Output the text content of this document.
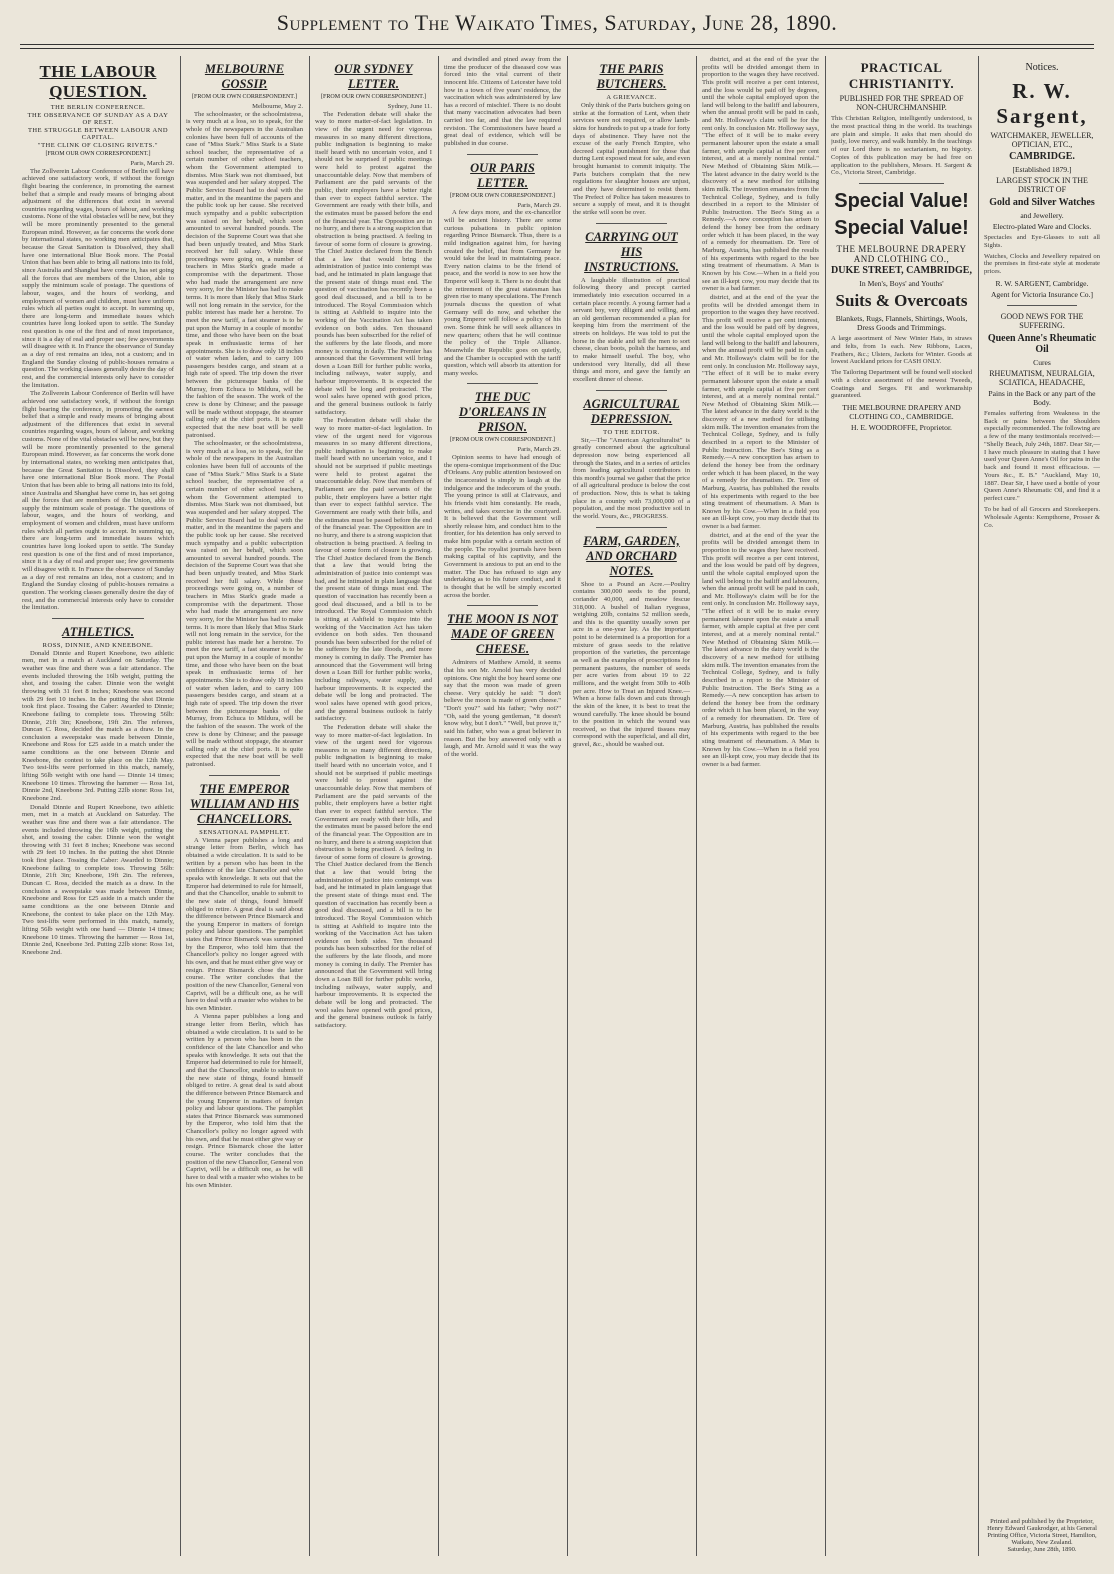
Supplement to The Waikato Times, Saturday, June 28, 1890.
THE LABOUR QUESTION.
THE BERLIN CONFERENCE.
THE OBSERVANCE OF SUNDAY AS A DAY OF REST.
THE STRUGGLE BETWEEN LABOUR AND CAPITAL.
"THE CLINK OF CLOSING RIVETS."
[FROM OUR OWN CORRESPONDENT.]
Paris, March 29.

The Zollverein Labour Conference of Berlin will have achieved one satisfactory work, if without the foreign flight bearing the conference, in promoting the earnest belief that a simple and ready means of bringing about adjustment of the differences that exist in several countries regarding wages, hours of labour, and working customs. None of the vital obstacles will be new, but they will be more prominently presented to the general European mind. However, as far concerns the work done by international states, no working men anticipates that, because the Great Sanitation is Dissolved, they shall have one international Blue Book more. The Postal Union that has been able to bring all nations into its fold, since Australia and Shanghai have come in, has set going all the forces that are members of the Union, able to supply the minimum scale of postage. The questions of labour, wages, and the hours of working, and employment of women and children, must have uniform rules which all parties ought to accept. In summing up, there are long-term and immediate issues which countries have long looked upon to settle. The Sunday rest question is one of the first and of most importance, since it is a day of real and proper use; few governments will disagree with it. In France the observance of Sunday as a day of rest remains an idea, not a custom; and in England the Sunday closing of public-houses remains a question. The working classes generally desire the day of rest, and the commercial interests only have to consider the limitation.

The Zollverein Labour Conference of Berlin will have achieved one satisfactory work, if without the foreign flight bearing the conference, in promoting the earnest belief that a simple and ready means of bringing about adjustment of the differences that exist in several countries regarding wages, hours of labour, and working customs. None of the vital obstacles will be new, but they will be more prominently presented to the general European mind. However, as far concerns the work done by international states, no working men anticipates that, because the Great Sanitation is Dissolved, they shall have one international Blue Book more. The Postal Union that has been able to bring all nations into its fold, since Australia and Shanghai have come in, has set going all the forces that are members of the Union, able to supply the minimum scale of postage. The questions of labour, wages, and the hours of working, and employment of women and children, must have uniform rules which all parties ought to accept. In summing up, there are long-term and immediate issues which countries have long looked upon to settle. The Sunday rest question is one of the first and of most importance, since it is a day of real and proper use; few governments will disagree with it. In France the observance of Sunday as a day of rest remains an idea, not a custom; and in England the Sunday closing of public-houses remains a question. The working classes generally desire the day of rest, and the commercial interests only have to consider the limitation.

ATHLETICS.
ROSS, DINNIE, AND KNEEBONE.

Donald Dinnie and Rupert Kneebone, two athletic men, met in a match at Auckland on Saturday. The weather was fine and there was a fair attendance. The events included throwing the 16lb weight, putting the shot, and tossing the caber. Dinnie won the weight throwing with 31 feet 8 inches; Kneebone was second with 29 feet 10 inches. In the putting the shot Dinnie took first place. Tossing the Caber: Awarded to Dinnie; Kneebone failing to complete toss. Throwing 56lb: Dinnie, 21ft 3in; Kneebone, 19ft 2in. The referees, Duncan C. Ross, decided the match as a draw. In the conclusion a sweepstake was made between Dinnie, Kneebone and Ross for £25 aside in a match under the same conditions as the one between Dinnie and Kneebone, the contest to take place on the 12th May. Two test-lifts were performed in this match, namely, lifting 56lb weight with one hand — Dinnie 14 times; Kneebone 10 times. Throwing the hammer — Ross 1st, Dinnie 2nd, Kneebone 3rd. Putting 22lb stone: Ross 1st, Kneebone 2nd.

Donald Dinnie and Rupert Kneebone, two athletic men, met in a match at Auckland on Saturday. The weather was fine and there was a fair attendance. The events included throwing the 16lb weight, putting the shot, and tossing the caber. Dinnie won the weight throwing with 31 feet 8 inches; Kneebone was second with 29 feet 10 inches. In the putting the shot Dinnie took first place. Tossing the Caber: Awarded to Dinnie; Kneebone failing to complete toss. Throwing 56lb: Dinnie, 21ft 3in; Kneebone, 19ft 2in. The referees, Duncan C. Ross, decided the match as a draw. In the conclusion a sweepstake was made between Dinnie, Kneebone and Ross for £25 aside in a match under the same conditions as the one between Dinnie and Kneebone, the contest to take place on the 12th May. Two test-lifts were performed in this match, namely, lifting 56lb weight with one hand — Dinnie 14 times; Kneebone 10 times. Throwing the hammer — Ross 1st, Dinnie 2nd, Kneebone 3rd. Putting 22lb stone: Ross 1st, Kneebone 2nd.

MELBOURNE GOSSIP.
[FROM OUR OWN CORRESPONDENT.]
Melbourne, May 2.

The schoolmaster, or the schoolmistress, is very much at a loss, so to speak, for the whole of the newspapers in the Australian colonies have been full of accounts of the case of "Miss Stark." Miss Stark is a State school teacher, the representative of a certain number of other school teachers, whom the Government attempted to dismiss. Miss Stark was not dismissed, but was suspended and her salary stopped. The Public Service Board had to deal with the matter, and in the meantime the papers and the public took up her cause. She received much sympathy and a public subscription was raised on her behalf, which soon amounted to several hundred pounds. The decision of the Supreme Court was that she had been unjustly treated, and Miss Stark received her full salary. While these proceedings were going on, a number of teachers in Miss Stark's grade made a compromise with the department. Those who had made the arrangement are now very sorry, for the Minister has had to make terms. It is more than likely that Miss Stark will not long remain in the service, for the public interest has made her a heroine. To meet the new tariff, a fast steamer is to be put upon the Murray in a couple of months' time, and those who have been on the boat speak in enthusiastic terms of her appointments. She is to draw only 18 inches of water when laden, and to carry 100 passengers besides cargo, and steam at a high rate of speed. The trip down the river between the picturesque banks of the Murray, from Echuca to Mildura, will be the fashion of the season. The work of the crew is done by Chinese; and the passage will be made without stoppage, the steamer calling only at the chief ports. It is quite expected that the new boat will be well patronised.

The schoolmaster, or the schoolmistress, is very much at a loss, so to speak, for the whole of the newspapers in the Australian colonies have been full of accounts of the case of "Miss Stark." Miss Stark is a State school teacher, the representative of a certain number of other school teachers, whom the Government attempted to dismiss. Miss Stark was not dismissed, but was suspended and her salary stopped. The Public Service Board had to deal with the matter, and in the meantime the papers and the public took up her cause. She received much sympathy and a public subscription was raised on her behalf, which soon amounted to several hundred pounds. The decision of the Supreme Court was that she had been unjustly treated, and Miss Stark received her full salary. While these proceedings were going on, a number of teachers in Miss Stark's grade made a compromise with the department. Those who had made the arrangement are now very sorry, for the Minister has had to make terms. It is more than likely that Miss Stark will not long remain in the service, for the public interest has made her a heroine. To meet the new tariff, a fast steamer is to be put upon the Murray in a couple of months' time, and those who have been on the boat speak in enthusiastic terms of her appointments. She is to draw only 18 inches of water when laden, and to carry 100 passengers besides cargo, and steam at a high rate of speed. The trip down the river between the picturesque banks of the Murray, from Echuca to Mildura, will be the fashion of the season. The work of the crew is done by Chinese; and the passage will be made without stoppage, the steamer calling only at the chief ports. It is quite expected that the new boat will be well patronised.

THE EMPEROR WILLIAM AND HIS CHANCELLORS.
SENSATIONAL PAMPHLET.

A Vienna paper publishes a long and strange letter from Berlin, which has obtained a wide circulation. It is said to be written by a person who has been in the confidence of the late Chancellor and who speaks with knowledge. It sets out that the Emperor had determined to rule for himself, and that the Chancellor, unable to submit to the new state of things, found himself obliged to retire. A great deal is said about the difference between Prince Bismarck and the young Emperor in matters of foreign policy and labour questions. The pamphlet states that Prince Bismarck was summoned by the Emperor, who told him that the Chancellor's policy no longer agreed with his own, and that he must either give way or resign. Prince Bismarck chose the latter course. The writer concludes that the position of the new Chancellor, General von Caprivi, will be a difficult one, as he will have to deal with a master who wishes to be his own Minister.

A Vienna paper publishes a long and strange letter from Berlin, which has obtained a wide circulation. It is said to be written by a person who has been in the confidence of the late Chancellor and who speaks with knowledge. It sets out that the Emperor had determined to rule for himself, and that the Chancellor, unable to submit to the new state of things, found himself obliged to retire. A great deal is said about the difference between Prince Bismarck and the young Emperor in matters of foreign policy and labour questions. The pamphlet states that Prince Bismarck was summoned by the Emperor, who told him that the Chancellor's policy no longer agreed with his own, and that he must either give way or resign. Prince Bismarck chose the latter course. The writer concludes that the position of the new Chancellor, General von Caprivi, will be a difficult one, as he will have to deal with a master who wishes to be his own Minister.

OUR SYDNEY LETTER.
[FROM OUR OWN CORRESPONDENT.]
Sydney, June 11.

The Federation debate will shake the way to more matter-of-fact legislation. In view of the urgent need for vigorous measures in so many different directions, public indignation is beginning to make itself heard with no uncertain voice, and I should not be surprised if public meetings were held to protest against the unaccountable delay. Now that members of Parliament are the paid servants of the public, their employers have a better right than ever to expect faithful service. The Government are ready with their bills, and the estimates must be passed before the end of the financial year. The Opposition are in no hurry, and there is a strong suspicion that obstruction is being practised. A feeling in favour of some form of closure is growing. The Chief Justice declared from the Bench that a law that would bring the administration of justice into contempt was bad, and he intimated in plain language that the present state of things must end. The question of vaccination has recently been a good deal discussed, and a bill is to be introduced. The Royal Commission which is sitting at Ashfield to inquire into the working of the Vaccination Act has taken evidence on both sides. Ten thousand pounds has been subscribed for the relief of the sufferers by the late floods, and more money is coming in daily. The Premier has announced that the Government will bring down a Loan Bill for further public works, including railways, water supply, and harbour improvements. It is expected the debate will be long and protracted. The wool sales have opened with good prices, and the general business outlook is fairly satisfactory.

The Federation debate will shake the way to more matter-of-fact legislation. In view of the urgent need for vigorous measures in so many different directions, public indignation is beginning to make itself heard with no uncertain voice, and I should not be surprised if public meetings were held to protest against the unaccountable delay. Now that members of Parliament are the paid servants of the public, their employers have a better right than ever to expect faithful service. The Government are ready with their bills, and the estimates must be passed before the end of the financial year. The Opposition are in no hurry, and there is a strong suspicion that obstruction is being practised. A feeling in favour of some form of closure is growing. The Chief Justice declared from the Bench that a law that would bring the administration of justice into contempt was bad, and he intimated in plain language that the present state of things must end. The question of vaccination has recently been a good deal discussed, and a bill is to be introduced. The Royal Commission which is sitting at Ashfield to inquire into the working of the Vaccination Act has taken evidence on both sides. Ten thousand pounds has been subscribed for the relief of the sufferers by the late floods, and more money is coming in daily. The Premier has announced that the Government will bring down a Loan Bill for further public works, including railways, water supply, and harbour improvements. It is expected the debate will be long and protracted. The wool sales have opened with good prices, and the general business outlook is fairly satisfactory.

The Federation debate will shake the way to more matter-of-fact legislation. In view of the urgent need for vigorous measures in so many different directions, public indignation is beginning to make itself heard with no uncertain voice, and I should not be surprised if public meetings were held to protest against the unaccountable delay. Now that members of Parliament are the paid servants of the public, their employers have a better right than ever to expect faithful service. The Government are ready with their bills, and the estimates must be passed before the end of the financial year. The Opposition are in no hurry, and there is a strong suspicion that obstruction is being practised. A feeling in favour of some form of closure is growing. The Chief Justice declared from the Bench that a law that would bring the administration of justice into contempt was bad, and he intimated in plain language that the present state of things must end. The question of vaccination has recently been a good deal discussed, and a bill is to be introduced. The Royal Commission which is sitting at Ashfield to inquire into the working of the Vaccination Act has taken evidence on both sides. Ten thousand pounds has been subscribed for the relief of the sufferers by the late floods, and more money is coming in daily. The Premier has announced that the Government will bring down a Loan Bill for further public works, including railways, water supply, and harbour improvements. It is expected the debate will be long and protracted. The wool sales have opened with good prices, and the general business outlook is fairly satisfactory.

and dwindled and pined away from the time the producer of the diseased cow was forced into the vital current of their innocent life. Citizens of Leicester have told how in a town of five years' residence, the vaccination which was administered by law has a record of mischief. There is no doubt that many vaccination advocates had been carried too far, and that the law required revision. The Commissioners have heard a great deal of evidence, which will be published in due course.

OUR PARIS LETTER.
[FROM OUR OWN CORRESPONDENT.]
Paris, March 29.

A few days more, and the ex-chancellor will be ancient history. There are some curious pulsations in public opinion regarding Prince Bismarck. Thus, there is a mild indignation against him, for having created the belief, that from Germany he would take the lead in maintaining peace. Every nation claims to be the friend of peace, and the world is now to see how the Emperor will keep it. There is no doubt that the retirement of the great statesman has given rise to many speculations. The French journals discuss the question of what Germany will do now, and whether the young Emperor will follow a policy of his own. Some think he will seek alliances in new quarters; others that he will continue the policy of the Triple Alliance. Meanwhile the Republic goes on quietly, and the Chamber is occupied with the tariff question, which will absorb its attention for many weeks.

THE DUC D'ORLEANS IN PRISON.
[FROM OUR OWN CORRESPONDENT.]
Paris, March 29.

Opinion seems to have had enough of the opera-comique imprisonment of the Duc d'Orleans. Any public attention bestowed on the incarcerated is simply in laugh at the indulgence and the indecorum of the youth. The young prince is still at Clairvaux, and his friends visit him constantly. He reads, writes, and takes exercise in the courtyard. It is believed that the Government will shortly release him, and conduct him to the frontier, for his detention has only served to make him popular with a certain section of the people. The royalist journals have been making capital of his captivity, and the Government is anxious to put an end to the matter. The Duc has refused to sign any undertaking as to his future conduct, and it is thought that he will be simply escorted across the border.

THE MOON IS NOT MADE OF GREEN CHEESE.

Admirers of Matthew Arnold, it seems that his son Mr. Arnold has very decided opinions. One night the boy heard some one say that the moon was made of green cheese. Very quickly he said: "I don't believe the moon is made of green cheese." "Don't you?" said his father; "why not?" "Oh, said the young gentleman, "it doesn't know why, but I don't." "Well, but prove it," said his father, who was a great believer in reason. But the boy answered only with a laugh, and Mr. Arnold said it was the way of the world.

THE PARIS BUTCHERS.
A GRIEVANCE.

Only think of the Paris butchers going on strike at the formation of Lent, when their services were not required, or allow lamb-skins for hundreds to put up a trade for forty days of abstinence. They have not the excuse of the early French Empire, who decreed capital punishment for those that during Lent exposed meat for sale, and even brought humanist to commit iniquity. The Paris butchers complain that the new regulations for slaughter houses are unjust, and they have determined to resist them. The Prefect of Police has taken measures to secure a supply of meat, and it is thought the strike will soon be over.

CARRYING OUT HIS INSTRUCTIONS.

A laughable illustration of practical following theory and precept carried immediately into execution occurred in a certain place recently. A young farmer had a servant boy, very diligent and willing, and an old gentleman recommended a plan for keeping him from the merriment of the streets on holidays. He was told to put the horse in the stable and tell the men to sort cheese, clean boots, polish the harness, and to make himself useful. The boy, who understood very literally, did all these things and more, and gave the family an excellent dinner of cheese.

AGRICULTURAL DEPRESSION.
TO THE EDITOR.

Sir,—The "American Agriculturalist" is greatly concerned about the agricultural depression now being experienced all through the States, and in a series of articles from leading agricultural contributors in this month's journal we gather that the price of all agricultural produce is below the cost of production. Now, this is what is taking place in a country with 73,000,000 of a population, and the most productive soil in the world. Yours, &c., PROGRESS.

FARM, GARDEN, AND ORCHARD NOTES.

Shoe to a Pound an Acre.—Poultry contains 300,000 seeds to the pound, coriander 40,000, and meadow fescue 318,000. A bushel of Italian ryegrass, weighing 20lb, contains 52 million seeds, and this is the quantity usually sown per acre in a one-year lay. As the important point to be determined is a proportion for a mixture of grass seeds to the relative proportion of the varieties, the percentage as well as the examples of proscriptions for permanent pastures, the number of seeds per acre varies from about 19 to 22 millions, and the weight from 30lb to 40lb per acre. How to Treat an Injured Knee.—When a horse falls down and cuts through the skin of the knee, it is best to treat the wound carefully. The knee should be bound to the position in which the wound was received, so that the injured tissues may correspond with the superficial, and all dirt, gravel, &c., should be washed out.

district, and at the end of the year the profits will be divided amongst them in proportion to the wages they have received. This profit will receive a per cent interest, and the loss would be paid off by degrees, until the whole capital employed upon the land will belong to the bailiff and labourers, when the annual profit will be paid in cash, and Mr. Holloway's claim will be for the rent only. In conclusion Mr. Holloway says, "The effect of it will be to make every permanent labourer upon the estate a small farmer, with ample capital at five per cent interest, and at a merely nominal rental." New Method of Obtaining Skim Milk.—The latest advance in the dairy world is the discovery of a new method for utilising skim milk. The invention emanates from the Technical College, Sydney, and is fully described in a report to the Minister of Public Instruction. The Bee's Sting as a Remedy.—A new conception has arisen to defend the honey bee from the ordinary order which it has been placed, in the way of a remedy for rheumatism. Dr. Tere of Marburg, Austria, has published the results of his experiments with regard to the bee sting treatment of rheumatism. A Man is Known by his Cow.—When in a field you see an ill-kept cow, you may decide that its owner is a bad farmer.

district, and at the end of the year the profits will be divided amongst them in proportion to the wages they have received. This profit will receive a per cent interest, and the loss would be paid off by degrees, until the whole capital employed upon the land will belong to the bailiff and labourers, when the annual profit will be paid in cash, and Mr. Holloway's claim will be for the rent only. In conclusion Mr. Holloway says, "The effect of it will be to make every permanent labourer upon the estate a small farmer, with ample capital at five per cent interest, and at a merely nominal rental." New Method of Obtaining Skim Milk.—The latest advance in the dairy world is the discovery of a new method for utilising skim milk. The invention emanates from the Technical College, Sydney, and is fully described in a report to the Minister of Public Instruction. The Bee's Sting as a Remedy.—A new conception has arisen to defend the honey bee from the ordinary order which it has been placed, in the way of a remedy for rheumatism. Dr. Tere of Marburg, Austria, has published the results of his experiments with regard to the bee sting treatment of rheumatism. A Man is Known by his Cow.—When in a field you see an ill-kept cow, you may decide that its owner is a bad farmer.

district, and at the end of the year the profits will be divided amongst them in proportion to the wages they have received. This profit will receive a per cent interest, and the loss would be paid off by degrees, until the whole capital employed upon the land will belong to the bailiff and labourers, when the annual profit will be paid in cash, and Mr. Holloway's claim will be for the rent only. In conclusion Mr. Holloway says, "The effect of it will be to make every permanent labourer upon the estate a small farmer, with ample capital at five per cent interest, and at a merely nominal rental." New Method of Obtaining Skim Milk.—The latest advance in the dairy world is the discovery of a new method for utilising skim milk. The invention emanates from the Technical College, Sydney, and is fully described in a report to the Minister of Public Instruction. The Bee's Sting as a Remedy.—A new conception has arisen to defend the honey bee from the ordinary order which it has been placed, in the way of a remedy for rheumatism. Dr. Tere of Marburg, Austria, has published the results of his experiments with regard to the bee sting treatment of rheumatism. A Man is Known by his Cow.—When in a field you see an ill-kept cow, you may decide that its owner is a bad farmer.

PRACTICAL CHRISTIANITY.
PUBLISHED FOR THE SPREAD OF NON-CHURCHMANSHIP.
This Christian Religion, intelligently understood, is the most practical thing in the world. Its teachings are plain and simple. It asks that men should do justly, love mercy, and walk humbly. In the teachings of our Lord there is no sectarianism, no bigotry. Copies of this publication may be had free on application to the publishers, Messrs. H. Sargent & Co., Victoria Street, Cambridge.
Special Value!
Special Value!
THE MELBOURNE DRAPERY AND CLOTHING CO.,
DUKE STREET, CAMBRIDGE,
In Men's, Boys' and Youths'
Suits & Overcoats
Blankets, Rugs, Flannels, Shirtings, Wools, Dress Goods and Trimmings.
A large assortment of New Winter Hats, in straws and felts, from 1s each. New Ribbons, Laces, Feathers, &c.; Ulsters, Jackets for Winter. Goods at lowest Auckland prices for CASH ONLY.
The Tailoring Department will be found well stocked with a choice assortment of the newest Tweeds, Coatings and Serges. Fit and workmanship guaranteed.
THE MELBOURNE DRAPERY AND CLOTHING CO., CAMBRIDGE.
H. E. WOODROFFE, Proprietor.
Notices.
R. W. Sargent,
WATCHMAKER, JEWELLER, OPTICIAN, ETC.,
CAMBRIDGE.
[Established 1879.]
LARGEST STOCK IN THE DISTRICT OF
Gold and Silver Watches
and Jewellery.
Electro-plated Ware and Clocks.
Spectacles and Eye-Glasses to suit all Sights.
Watches, Clocks and Jewellery repaired on the premises in first-rate style at moderate prices.
R. W. SARGENT, Cambridge.
Agent for Victoria Insurance Co.]
GOOD NEWS FOR THE SUFFERING.
Queen Anne's Rheumatic Oil
Cures
RHEUMATISM, NEURALGIA, SCIATICA, HEADACHE,
Pains in the Back or any part of the Body.
Females suffering from Weakness in the Back or pains between the Shoulders especially recommended. The following are a few of the many testimonials received:— "Shelly Beach, July 24th, 1887. Dear Sir,—I have much pleasure in stating that I have used your Queen Anne's Oil for pains in the back and found it most efficacious. — Yours &c., E. B." "Auckland, May 10, 1887. Dear Sir, I have used a bottle of your Queen Anne's Rheumatic Oil, and find it a perfect cure."
To be had of all Grocers and Storekeepers. Wholesale Agents: Kempthorne, Prosser & Co.
Printed and published by the Proprietor, Henry Edward Gaukrodger, at his General Printing Office, Victoria Street, Hamilton, Waikato, New Zealand.
Saturday, June 28th, 1890.
